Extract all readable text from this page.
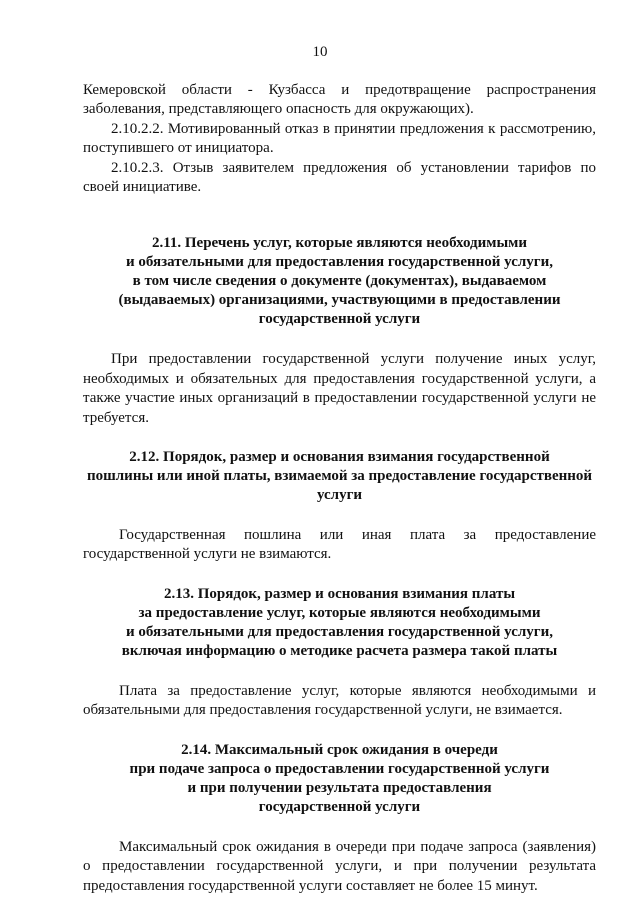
10

Кемеровской области - Кузбасса и предотвращение распространения заболевания, представляющего опасность для окружающих).

2.10.2.2. Мотивированный отказ в принятии предложения к рассмотрению, поступившего от инициатора.

2.10.2.3. Отзыв заявителем предложения об установлении тарифов по своей инициативе.

2.11. Перечень услуг, которые являются необходимыми
и обязательными для предоставления государственной услуги,
в том числе сведения о документе (документах), выдаваемом
(выдаваемых) организациями, участвующими в предоставлении
государственной услуги

При предоставлении государственной услуги получение иных услуг, необходимых и обязательных для предоставления государственной услуги, а также участие иных организаций в предоставлении государственной услуги не требуется.

2.12. Порядок, размер и основания взимания государственной
пошлины или иной платы, взимаемой за предоставление государственной
услуги

Государственная пошлина или иная плата за предоставление государственной услуги не взимаются.

2.13. Порядок, размер и основания взимания платы
за предоставление услуг, которые являются необходимыми
и обязательными для предоставления государственной услуги,
включая информацию о методике расчета размера такой платы

Плата за предоставление услуг, которые являются необходимыми и обязательными для предоставления государственной услуги, не взимается.

2.14. Максимальный срок ожидания в очереди
при подаче запроса о предоставлении государственной услуги
и при получении результата предоставления
государственной услуги

Максимальный срок ожидания в очереди при подаче запроса (заявления) о предоставлении государственной услуги, и при получении результата предоставления государственной услуги составляет не более 15 минут.
